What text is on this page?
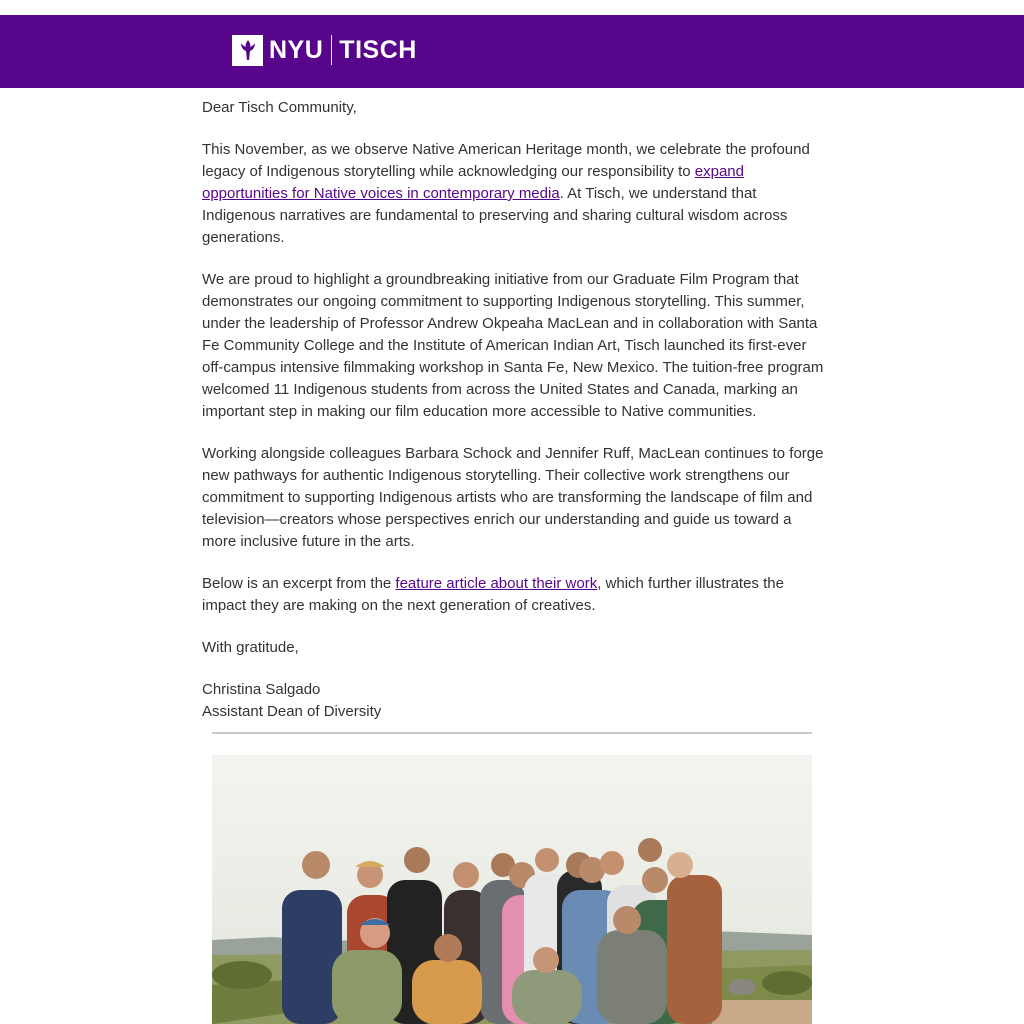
NYU TISCH

Dear Tisch Community,

This November, as we observe Native American Heritage month, we celebrate the profound legacy of Indigenous storytelling while acknowledging our responsibility to expand opportunities for Native voices in contemporary media. At Tisch, we understand that Indigenous narratives are fundamental to preserving and sharing cultural wisdom across generations.

We are proud to highlight a groundbreaking initiative from our Graduate Film Program that demonstrates our ongoing commitment to supporting Indigenous storytelling. This summer, under the leadership of Professor Andrew Okpeaha MacLean and in collaboration with Santa Fe Community College and the Institute of American Indian Art, Tisch launched its first-ever off-campus intensive filmmaking workshop in Santa Fe, New Mexico. The tuition-free program welcomed 11 Indigenous students from across the United States and Canada, marking an important step in making our film education more accessible to Native communities.

Working alongside colleagues Barbara Schock and Jennifer Ruff, MacLean continues to forge new pathways for authentic Indigenous storytelling. Their collective work strengthens our commitment to supporting Indigenous artists who are transforming the landscape of film and television—creators whose perspectives enrich our understanding and guide us toward a more inclusive future in the arts.

Below is an excerpt from the feature article about their work, which further illustrates the impact they are making on the next generation of creatives.

With gratitude,

Christina Salgado
Assistant Dean of Diversity
